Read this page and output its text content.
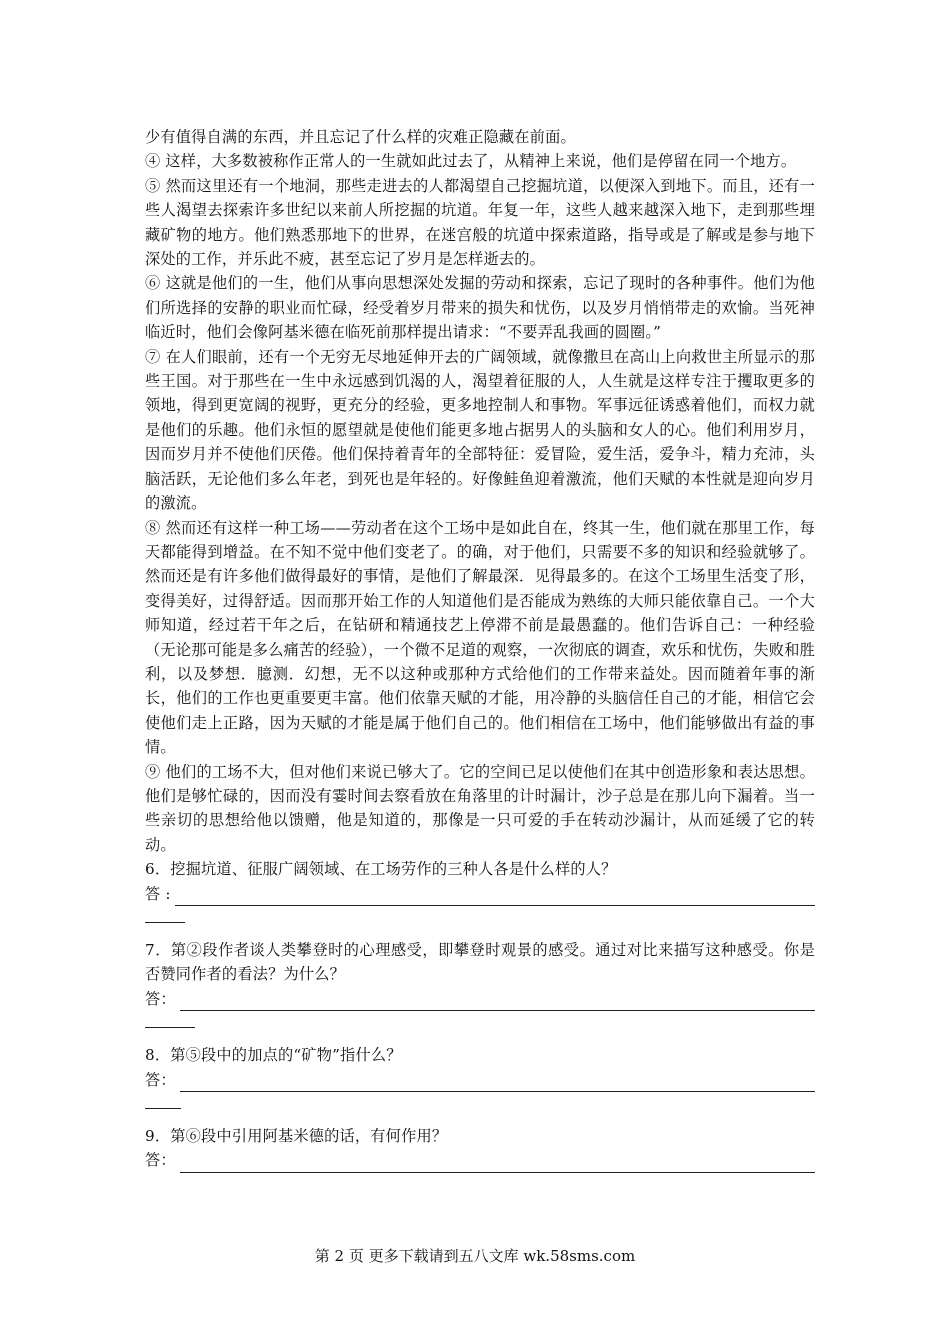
少有值得自满的东西，并且忘记了什么样的灾难正隐藏在前面。

④ 这样，大多数被称作正常人的一生就如此过去了，从精神上来说，他们是停留在同一个地方。

⑤ 然而这里还有一个地洞，那些走进去的人都渴望自己挖掘坑道，以便深入到地下。而且，还有一些人渴望去探索许多世纪以来前人所挖掘的坑道。年复一年，这些人越来越深入地下，走到那些埋藏矿物的地方。他们熟悉那地下的世界，在迷宫般的坑道中探索道路，指导或是了解或是参与地下深处的工作，并乐此不疲，甚至忘记了岁月是怎样逝去的。

⑥ 这就是他们的一生，他们从事向思想深处发掘的劳动和探索，忘记了现时的各种事件。他们为他们所选择的安静的职业而忙碌，经受着岁月带来的损失和忧伤，以及岁月悄悄带走的欢愉。当死神临近时，他们会像阿基米德在临死前那样提出请求：“不要弄乱我画的圆圈。”

⑦ 在人们眼前，还有一个无穷无尽地延伸开去的广阔领域，就像撒旦在高山上向救世主所显示的那些王国。对于那些在一生中永远感到饥渴的人，渴望着征服的人，人生就是这样专注于攫取更多的领地，得到更宽阔的视野，更充分的经验，更多地控制人和事物。军事远征诱惑着他们，而权力就是他们的乐趣。他们永恒的愿望就是使他们能更多地占据男人的头脑和女人的心。他们利用岁月，因而岁月并不使他们厌倦。他们保持着青年的全部特征：爱冒险，爱生活，爱争斗，精力充沛，头脑活跃，无论他们多么年老，到死也是年轻的。好像鲑鱼迎着激流，他们天赋的本性就是迎向岁月的激流。

⑧ 然而还有这样一种工场——劳动者在这个工场中是如此自在，终其一生，他们就在那里工作，每天都能得到增益。在不知不觉中他们变老了。的确，对于他们，只需要不多的知识和经验就够了。然而还是有许多他们做得最好的事情，是他们了解最深．见得最多的。在这个工场里生活变了形，变得美好，过得舒适。因而那开始工作的人知道他们是否能成为熟练的大师只能依靠自己。一个大师知道，经过若干年之后，在钻研和精通技艺上停滞不前是最愚蠢的。他们告诉自己：一种经验（无论那可能是多么痛苦的经验），一个微不足道的观察，一次彻底的调查，欢乐和忧伤，失败和胜利，以及梦想．臆测．幻想，无不以这种或那种方式给他们的工作带来益处。因而随着年事的渐长，他们的工作也更重要更丰富。他们依靠天赋的才能，用冷静的头脑信任自己的才能，相信它会使他们走上正路，因为天赋的才能是属于他们自己的。他们相信在工场中，他们能够做出有益的事情。

⑨ 他们的工场不大，但对他们来说已够大了。它的空间已足以使他们在其中创造形象和表达思想。他们是够忙碌的，因而没有霎时间去察看放在角落里的计时漏计，沙子总是在那儿向下漏着。当一些亲切的思想给他以馈赠，他是知道的，那像是一只可爱的手在转动沙漏计，从而延缓了它的转动。

6．挖掘坑道、征服广阔领域、在工场劳作的三种人各是什么样的人？

答 :

7．第②段作者谈人类攀登时的心理感受，即攀登时观景的感受。通过对比来描写这种感受。你是否赞同作者的看法？为什么？

答：

8．第⑤段中的加点的“矿物”指什么？

答：

9．第⑥段中引用阿基米德的话，有何作用？

答：
第 2 页 更多下载请到五八文库 wk.58sms.com
